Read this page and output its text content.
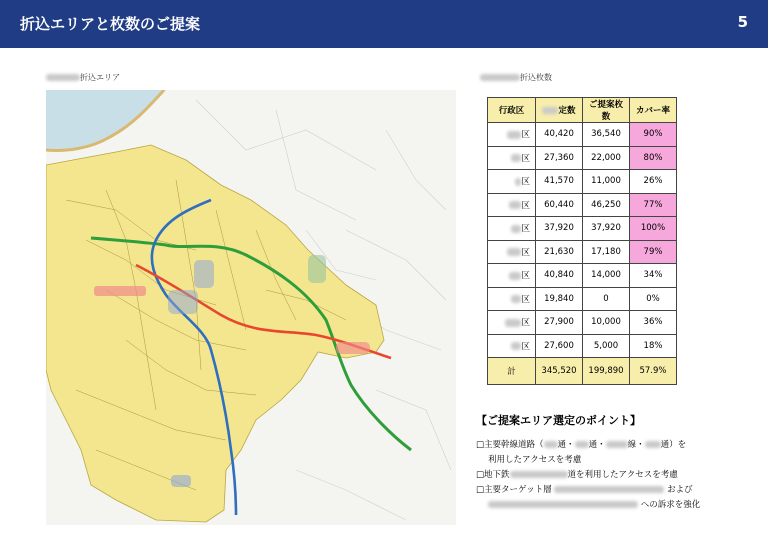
折込エリアと枚数のご提案	5
折込エリア	折込枚数
行政区	定数	ご提案枚数	カバー率
区	40,420	36,540	90%
区	27,360	22,000	80%
区	41,570	11,000	26%
区	60,440	46,250	77%
区	37,920	37,920	100%
区	21,630	17,180	79%
区	40,840	14,000	34%
区	19,840	0	0%
区	27,900	10,000	36%
区	27,600	5,000	18%
計	345,520	199,890	57.9%
【ご提案エリア選定のポイント】
□主要幹線道路（ 通・ 通・	線・ 通）を
利用したアクセスを考慮
□地下鉄	道を利用したアクセスを考慮
□主要ターゲット層	および
への訴求を強化
